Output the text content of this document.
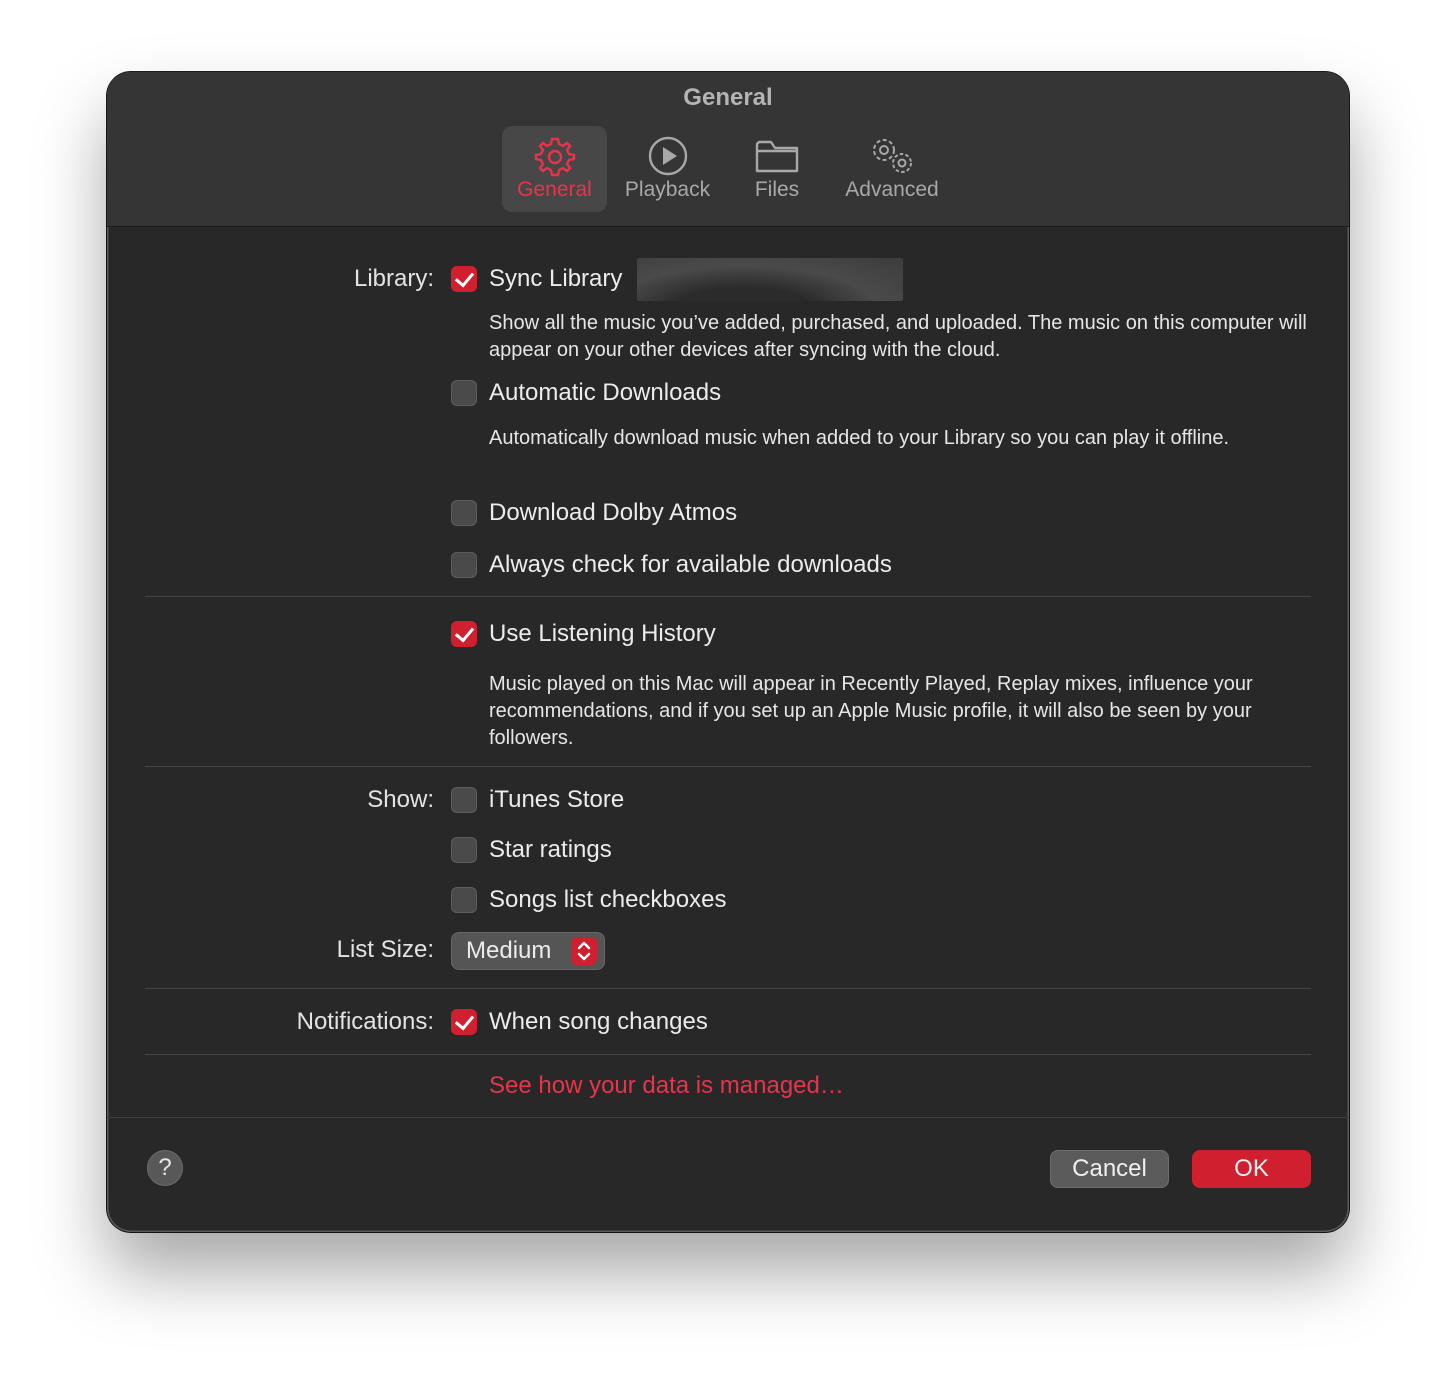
General
General Playback Files Advanced
Library: Sync Library
Show all the music you’ve added, purchased, and uploaded. The music on this computer will appear on your other devices after syncing with the cloud.
Automatic Downloads
Automatically download music when added to your Library so you can play it offline.
Download Dolby Atmos
Always check for available downloads
Use Listening History
Music played on this Mac will appear in Recently Played, Replay mixes, influence your recommendations, and if you set up an Apple Music profile, it will also be seen by your followers.
Show: iTunes Store
Star ratings
Songs list checkboxes
List Size: Medium
Notifications: When song changes
See how your data is managed…
?	Cancel	OK
